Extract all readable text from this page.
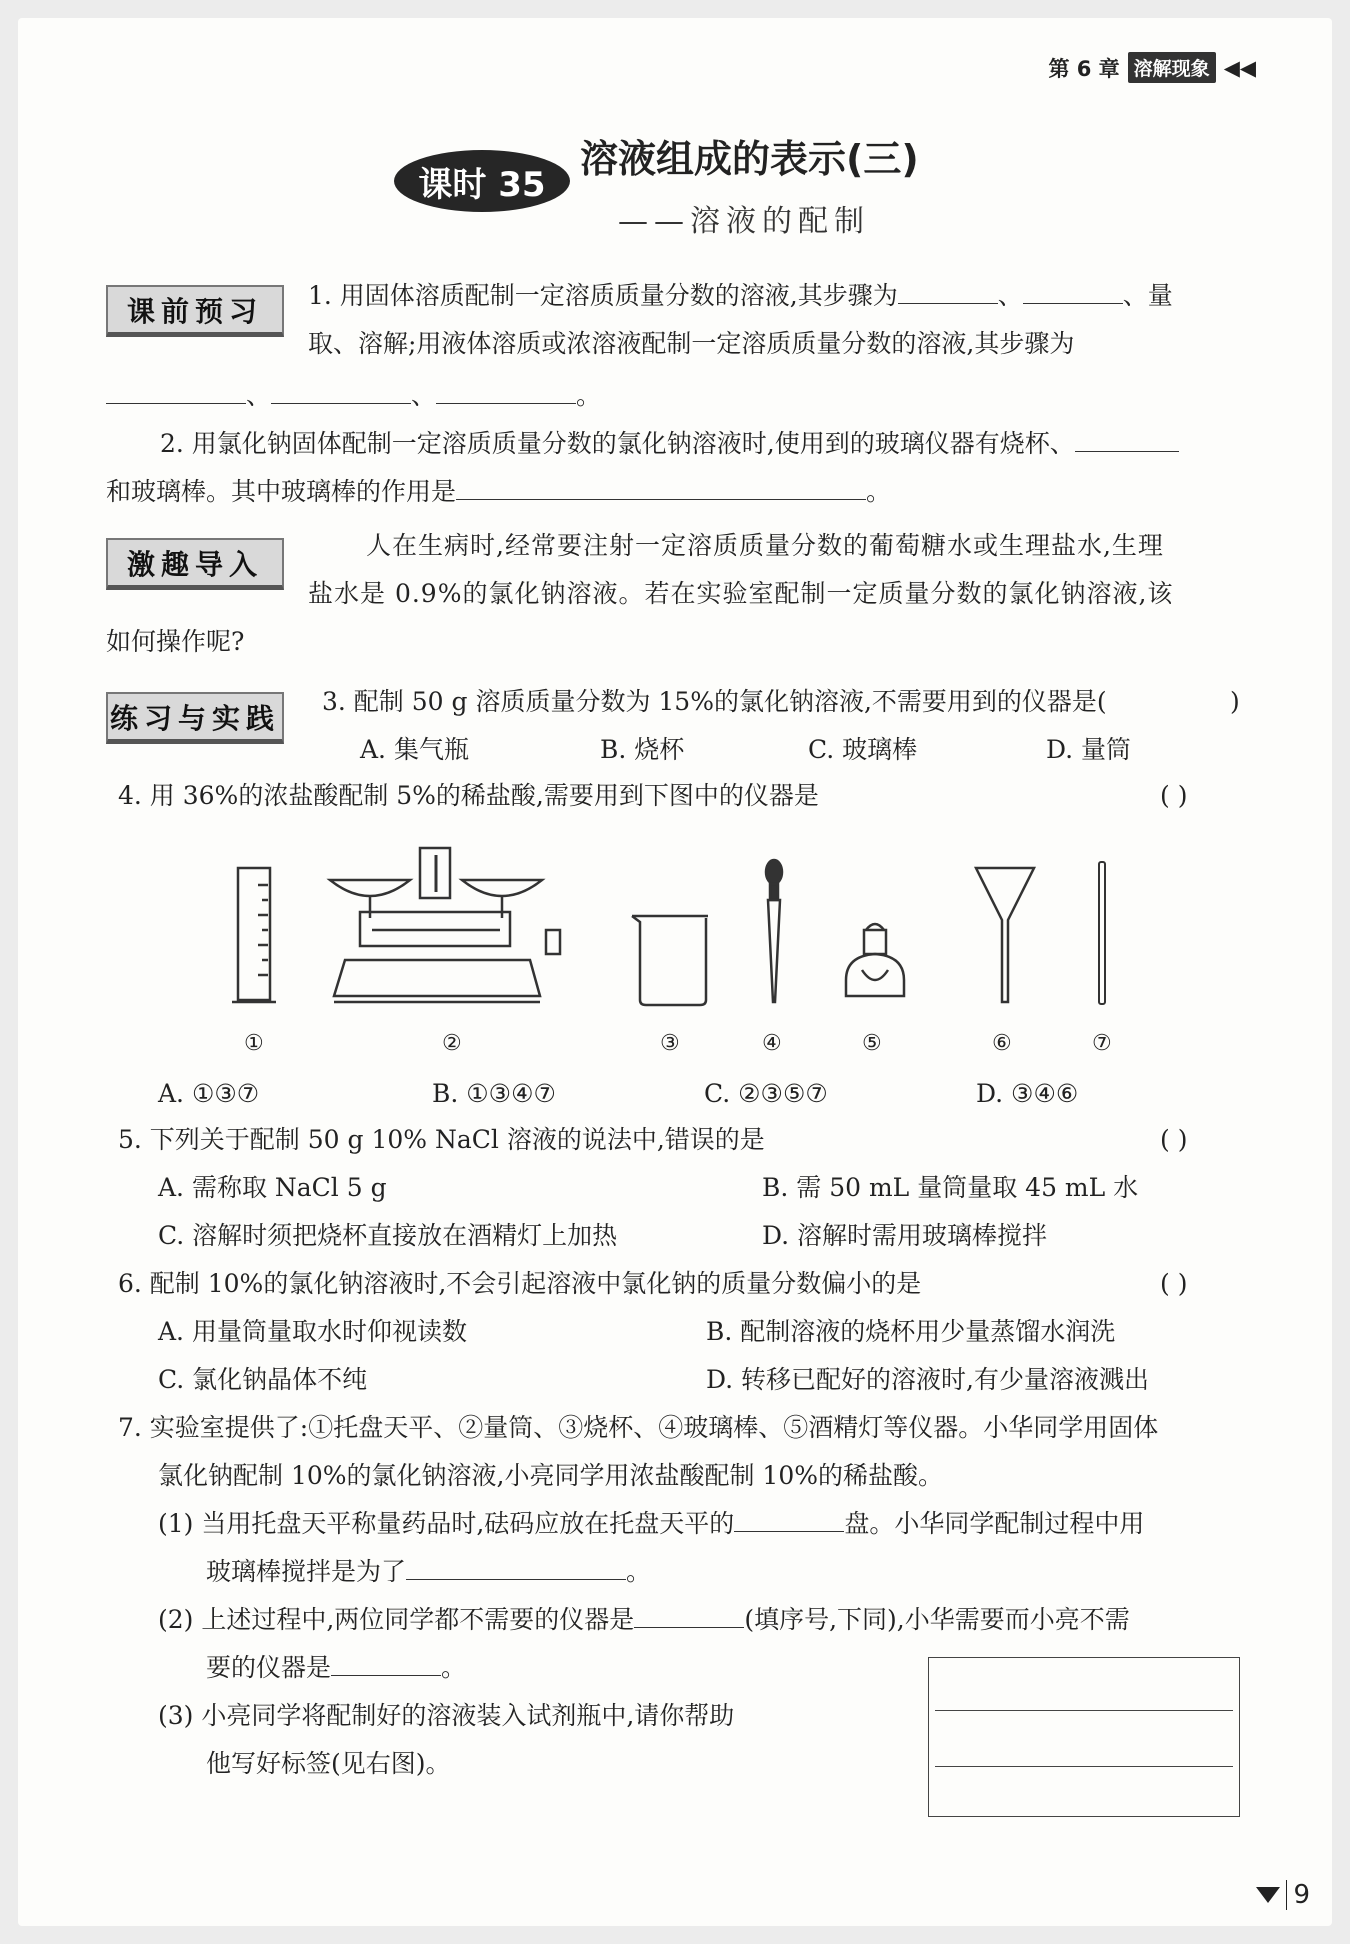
第 6 章 溶解现象 ◀◀
课时 35
溶液组成的表示(三)
——溶液的配制
课前预习	1. 用固体溶质配制一定溶质质量分数的溶液,其步骤为	、	、量
取、溶解;用液体溶质或浓溶液配制一定溶质质量分数的溶液,其步骤为
、	、	。
2. 用氯化钠固体配制一定溶质质量分数的氯化钠溶液时,使用到的玻璃仪器有烧杯、
和玻璃棒。其中玻璃棒的作用是	。
激趣导入
人在生病时,经常要注射一定溶质质量分数的葡萄糖水或生理盐水,生理
盐水是 0.9%的氯化钠溶液。若在实验室配制一定质量分数的氯化钠溶液,该
如何操作呢?
练习与实践 3. 配制 50 g 溶质质量分数为 15%的氯化钠溶液,不需要用到的仪器是(	)
A. 集气瓶	B. 烧杯	C. 玻璃棒	D. 量筒
4. 用 36%的浓盐酸配制 5%的稀盐酸,需要用到下图中的仪器是	( )
①	②	③	④	⑤	⑥	⑦
A. ①③⑦	B. ①③④⑦	C. ②③⑤⑦	D. ③④⑥
5. 下列关于配制 50 g 10% NaCl 溶液的说法中,错误的是	( )
A. 需称取 NaCl 5 g	B. 需 50 mL 量筒量取 45 mL 水
C. 溶解时须把烧杯直接放在酒精灯上加热	D. 溶解时需用玻璃棒搅拌
6. 配制 10%的氯化钠溶液时,不会引起溶液中氯化钠的质量分数偏小的是	( )
A. 用量筒量取水时仰视读数	B. 配制溶液的烧杯用少量蒸馏水润洗
C. 氯化钠晶体不纯	D. 转移已配好的溶液时,有少量溶液溅出
7. 实验室提供了:①托盘天平、②量筒、③烧杯、④玻璃棒、⑤酒精灯等仪器。小华同学用固体
氯化钠配制 10%的氯化钠溶液,小亮同学用浓盐酸配制 10%的稀盐酸。
(1) 当用托盘天平称量药品时,砝码应放在托盘天平的	盘。小华同学配制过程中用
玻璃棒搅拌是为了	。
(2) 上述过程中,两位同学都不需要的仪器是	(填序号,下同),小华需要而小亮不需
要的仪器是	。
(3) 小亮同学将配制好的溶液装入试剂瓶中,请你帮助
他写好标签(见右图)。
9
